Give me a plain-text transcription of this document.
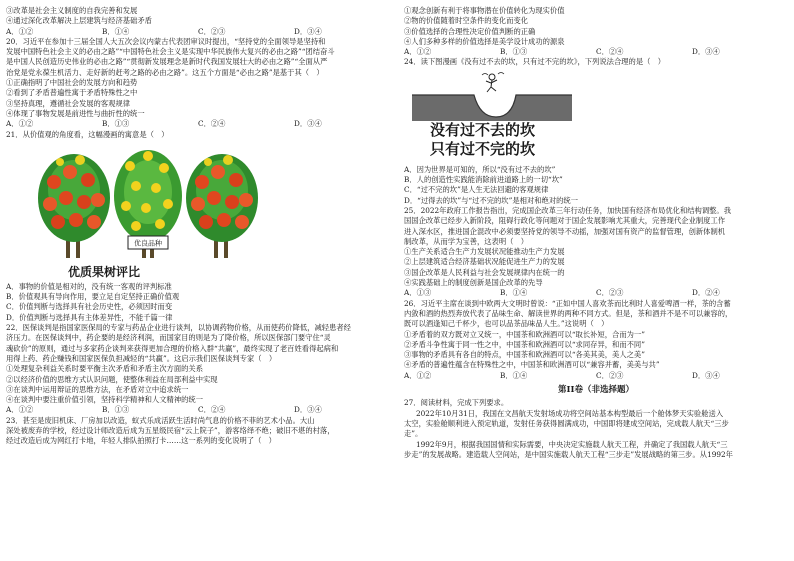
③改革是社会主义制度的自我完善和发展
④通过深化改革解决上层建筑与经济基础矛盾
A．①②	B．①④	C．②③	D．③④
20．习近平在参加十三届全国人大五次会议内蒙古代表团审议时提出，“坚持党的全面领导是坚持和
发展中国特色社会主义的必由之路”“中国特色社会主义是实现中华民族伟大复兴的必由之路”“团结奋斗
是中国人民创造历史伟业的必由之路”“贯彻新发展理念是新时代我国发展壮大的必由之路”“全面从严
治党是党永葆生机活力、走好新的赶考之路的必由之路”。这五个方面是“必由之路”是基于其（　）
①正确指明了中国社会的发展方向和趋势
②看到了矛盾普遍性寓于矛盾特殊性之中
③坚持真理，遵循社会发展的客观规律
④体现了事物发展是前进性与曲折性的统一
A．①②	B．①③	C．②④	D．③④
21．从价值观的角度看，这幅漫画的寓意是（　）
优良品种
优质果树评比
A．事物的价值是相对的，没有统一客观的评判标准
B．价值观具有导向作用，要立足自定坚持正确价值观
C．价值判断与选择具有社会历史性，必须因时而变
D．价值判断与选择具有主体差异性，不能千篇一律
22．医保谈判是指国家医保局的专家与药品企业进行谈判，以协调药物价格，从而使药价降低，减轻患者经
济压力。在医保谈判中，药企要的是经济利润，而国家目的则是为了降价格，所以医保部门要守住“灵
魂砍价”的原则，通过与多家药企谈判来获得更加合理的价格入群“共赢”，最终实现了老百姓看得起病和
用得上药、药企赚钱和国家医保负担减轻的“共赢”。这启示我们医保谈判专家（　）
①处理复杂利益关系时要平衡主次矛盾和矛盾主次方面的关系
②以经济价值的思维方式认识问题，使整体利益在局部利益中实现
③在谈判中运用辩证的思维方法，在矛盾对立中追求统一
④在谈判中要注重价值引领，坚持科学精神和人文精神的统一
A．①②	B．①③	C．②④	D．③④
23．甚至是废旧机床、厂房加以改造，蚁式乐成活跃生活时尚气息的价格不菲的艺术小品。大山
深处被废弃的学校，经过设计师改造后成为五星级民宿“云上院子”，游客络绎不绝；破旧不堪的村落，
经过改造后成为网红打卡地，年轻人排队拍照打卡……这一系列的变化说明了（　）
①观念创新有利于将事物潜在价值转化为现实价值
②物的价值随着时空条件的变化而变化
③价值选择的合理性决定价值判断的正确
④人们多种多样的价值选择是美学设计成功的源泉
A．①②	B．①③	C．②④	D．③④
24．读下图漫画《没有过不去的坎，只有过不完的坎》，下列说法合理的是（　）
没有过不去的坎
只有过不完的坎
A．因为世界是可知的，所以“没有过不去的坎”
B．人的创造性实践能消除前进道路上的一切“坎”
C．“过不完的坎”是人生无法回避的客观规律
D．“过得去的坎”与“过不完的坎”是相对和绝对的统一
25．2022年政府工作报告指出，完成国企改革三年行动任务，加快国有经济布局优化和结构调整。我
国国企改革已经步入新阶段，阻碍行政化等问题对于国企发展影响尤其重大，完善现代企业制度工作
进入深水区，推进国企混改中必须要坚持党的领导不动摇，加强对国有资产的监督管理，创新体制机
制改革，从而学为宝善，这表明（　）
①生产关系适合生产力发展状况能推动生产力发展
②上层建筑适合经济基础状况能促进生产力的发展
③国企改革是人民利益与社会发展规律内在统一的
④实践基础上的制度创新是国企改革的先导
A．①③	B．①④	C．②③	D．②④
26．习近平主席在谈到中欧两大文明时曾说：“正如中国人喜欢茶而比利时人喜爱啤酒一样，茶的含蓄
内敛和酒的热烈奔放代表了品味生命、解读世界的两种不同方式。但是，茶和酒并不是不可以兼容的，
既可以酒逢知己千杯少，也可以品茶品味品人生。”这说明（　）
①矛盾着的双方既对立又统一，中国茶和欧洲酒可以“取长补短，合而为一”
②矛盾斗争性寓于同一性之中，中国茶和欧洲酒可以“求同存异，和而不同”
③事物的矛盾具有各自的特点，中国茶和欧洲酒可以“各美其美，美人之美”
④矛盾的普遍性蕴含在特殊性之中，中国茶和欧洲酒可以“兼容并蓄，美美与共”
A．①②	B．①④	C．②③	D．③④
第II卷（非选择题）
27．阅读材料，完成下列要求。
2022年10月31日，我国在文昌航天发射场成功将空间站基本构型最后一个舱体梦天实验舱送入
太空，实验舱顺利进入预定轨道，发射任务获得圆满成功，中国即将建成空间站，完成载人航天“三步
走”。
1992年9月，根据我国国情和实际需要，中央决定实施载人航天工程，并确定了我国载人航天“三
步走”的发展战略。建造载人空间站，是中国实施载人航天工程“三步走”发展战略的第三步。从1992年
